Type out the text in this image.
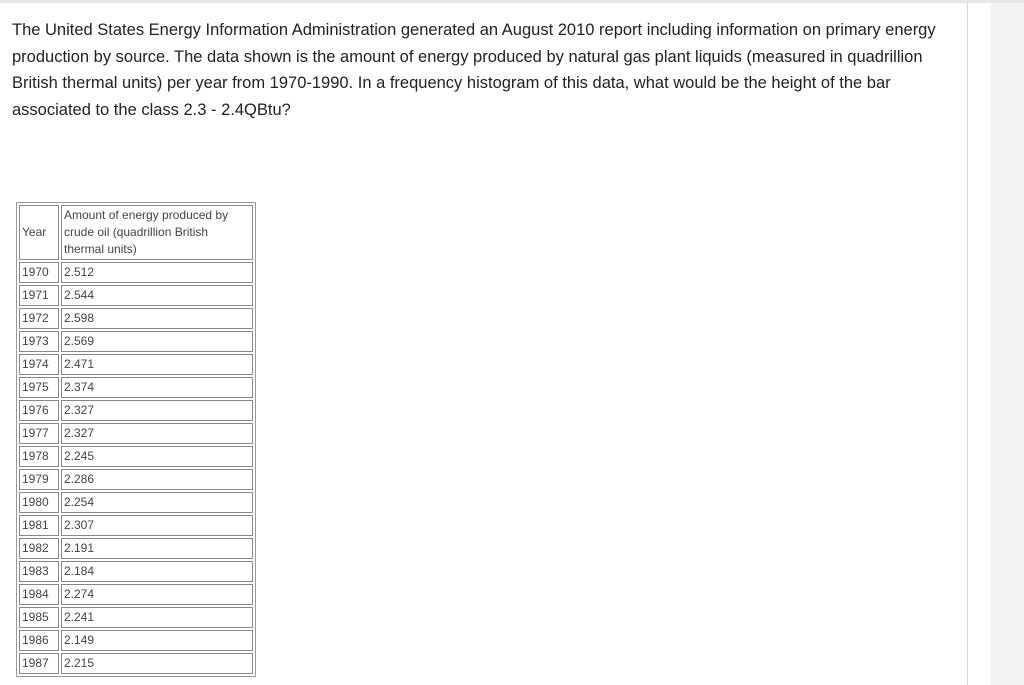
The United States Energy Information Administration generated an August 2010 report including information on primary energy production by source. The data shown is the amount of energy produced by natural gas plant liquids (measured in quadrillion British thermal units) per year from 1970-1990. In a frequency histogram of this data, what would be the height of the bar associated to the class 2.3 - 2.4QBtu?

Year	Amount of energy produced by crude oil (quadrillion British thermal units)
1970	2.512
1971	2.544
1972	2.598
1973	2.569
1974	2.471
1975	2.374
1976	2.327
1977	2.327
1978	2.245
1979	2.286
1980	2.254
1981	2.307
1982	2.191
1983	2.184
1984	2.274
1985	2.241
1986	2.149
1987	2.215
